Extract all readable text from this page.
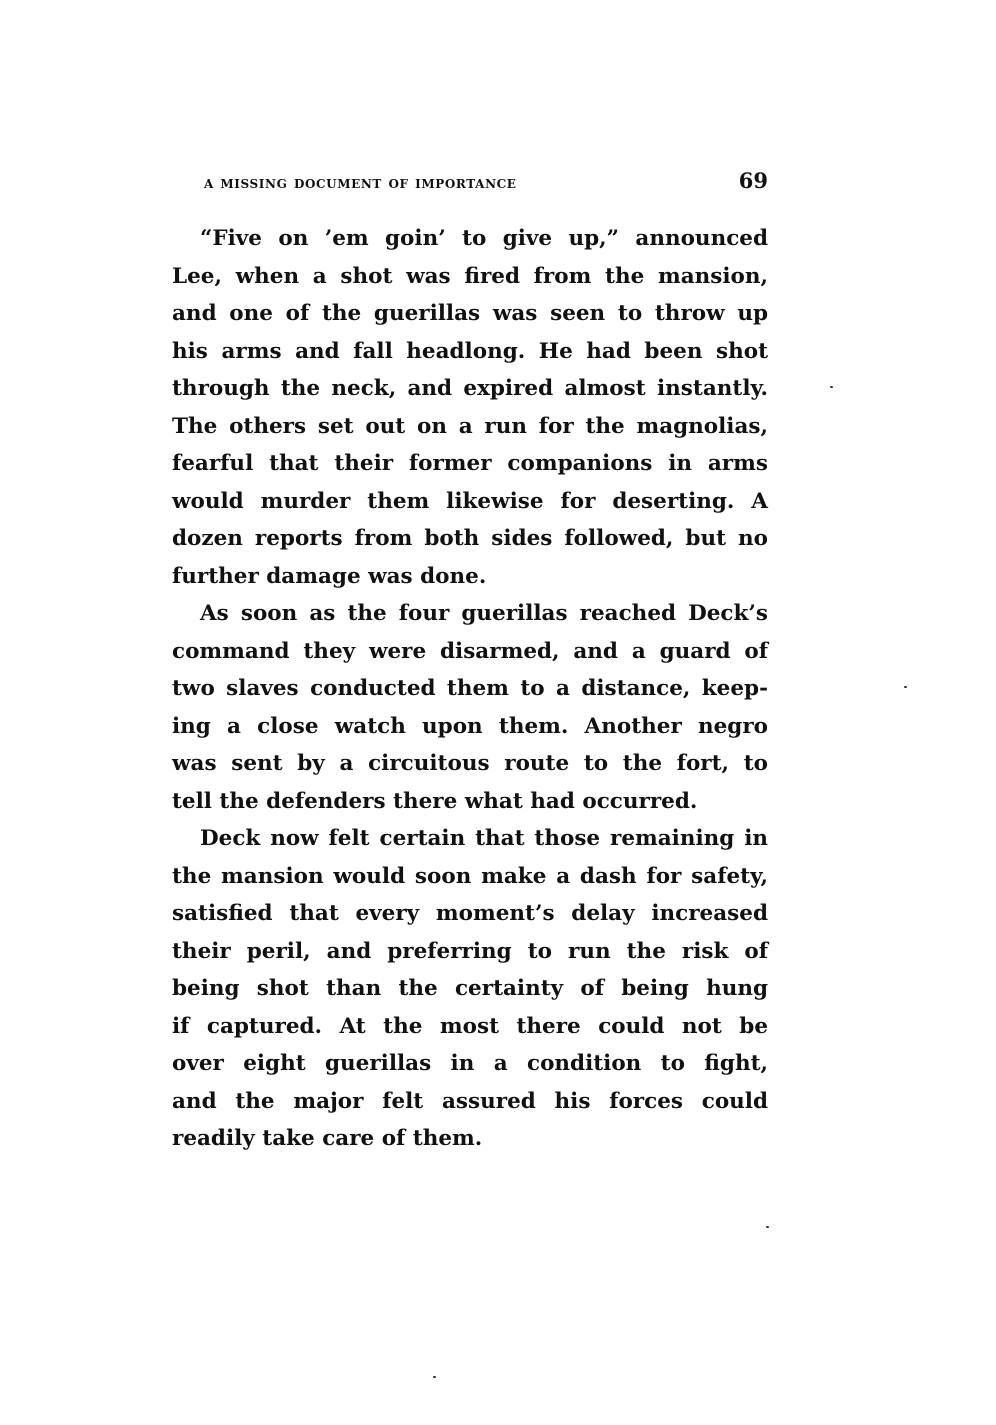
a missing document of importance	69

“Five on ’em goin’ to give up,” announced
Lee, when a shot was fired from the mansion,
and one of the guerillas was seen to throw up
his arms and fall headlong. He had been shot
through the neck, and expired almost instantly.
The others set out on a run for the magnolias,
fearful that their former companions in arms
would murder them likewise for deserting. A
dozen reports from both sides followed, but no
further damage was done.

As soon as the four guerillas reached Deck’s
command they were disarmed, and a guard of
two slaves conducted them to a distance, keep-
ing a close watch upon them. Another negro
was sent by a circuitous route to the fort, to
tell the defenders there what had occurred.

Deck now felt certain that those remaining in
the mansion would soon make a dash for safety,
satisfied that every moment’s delay increased
their peril, and preferring to run the risk of
being shot than the certainty of being hung
if captured. At the most there could not be
over eight guerillas in a condition to fight,
and the major felt assured his forces could
readily take care of them.
